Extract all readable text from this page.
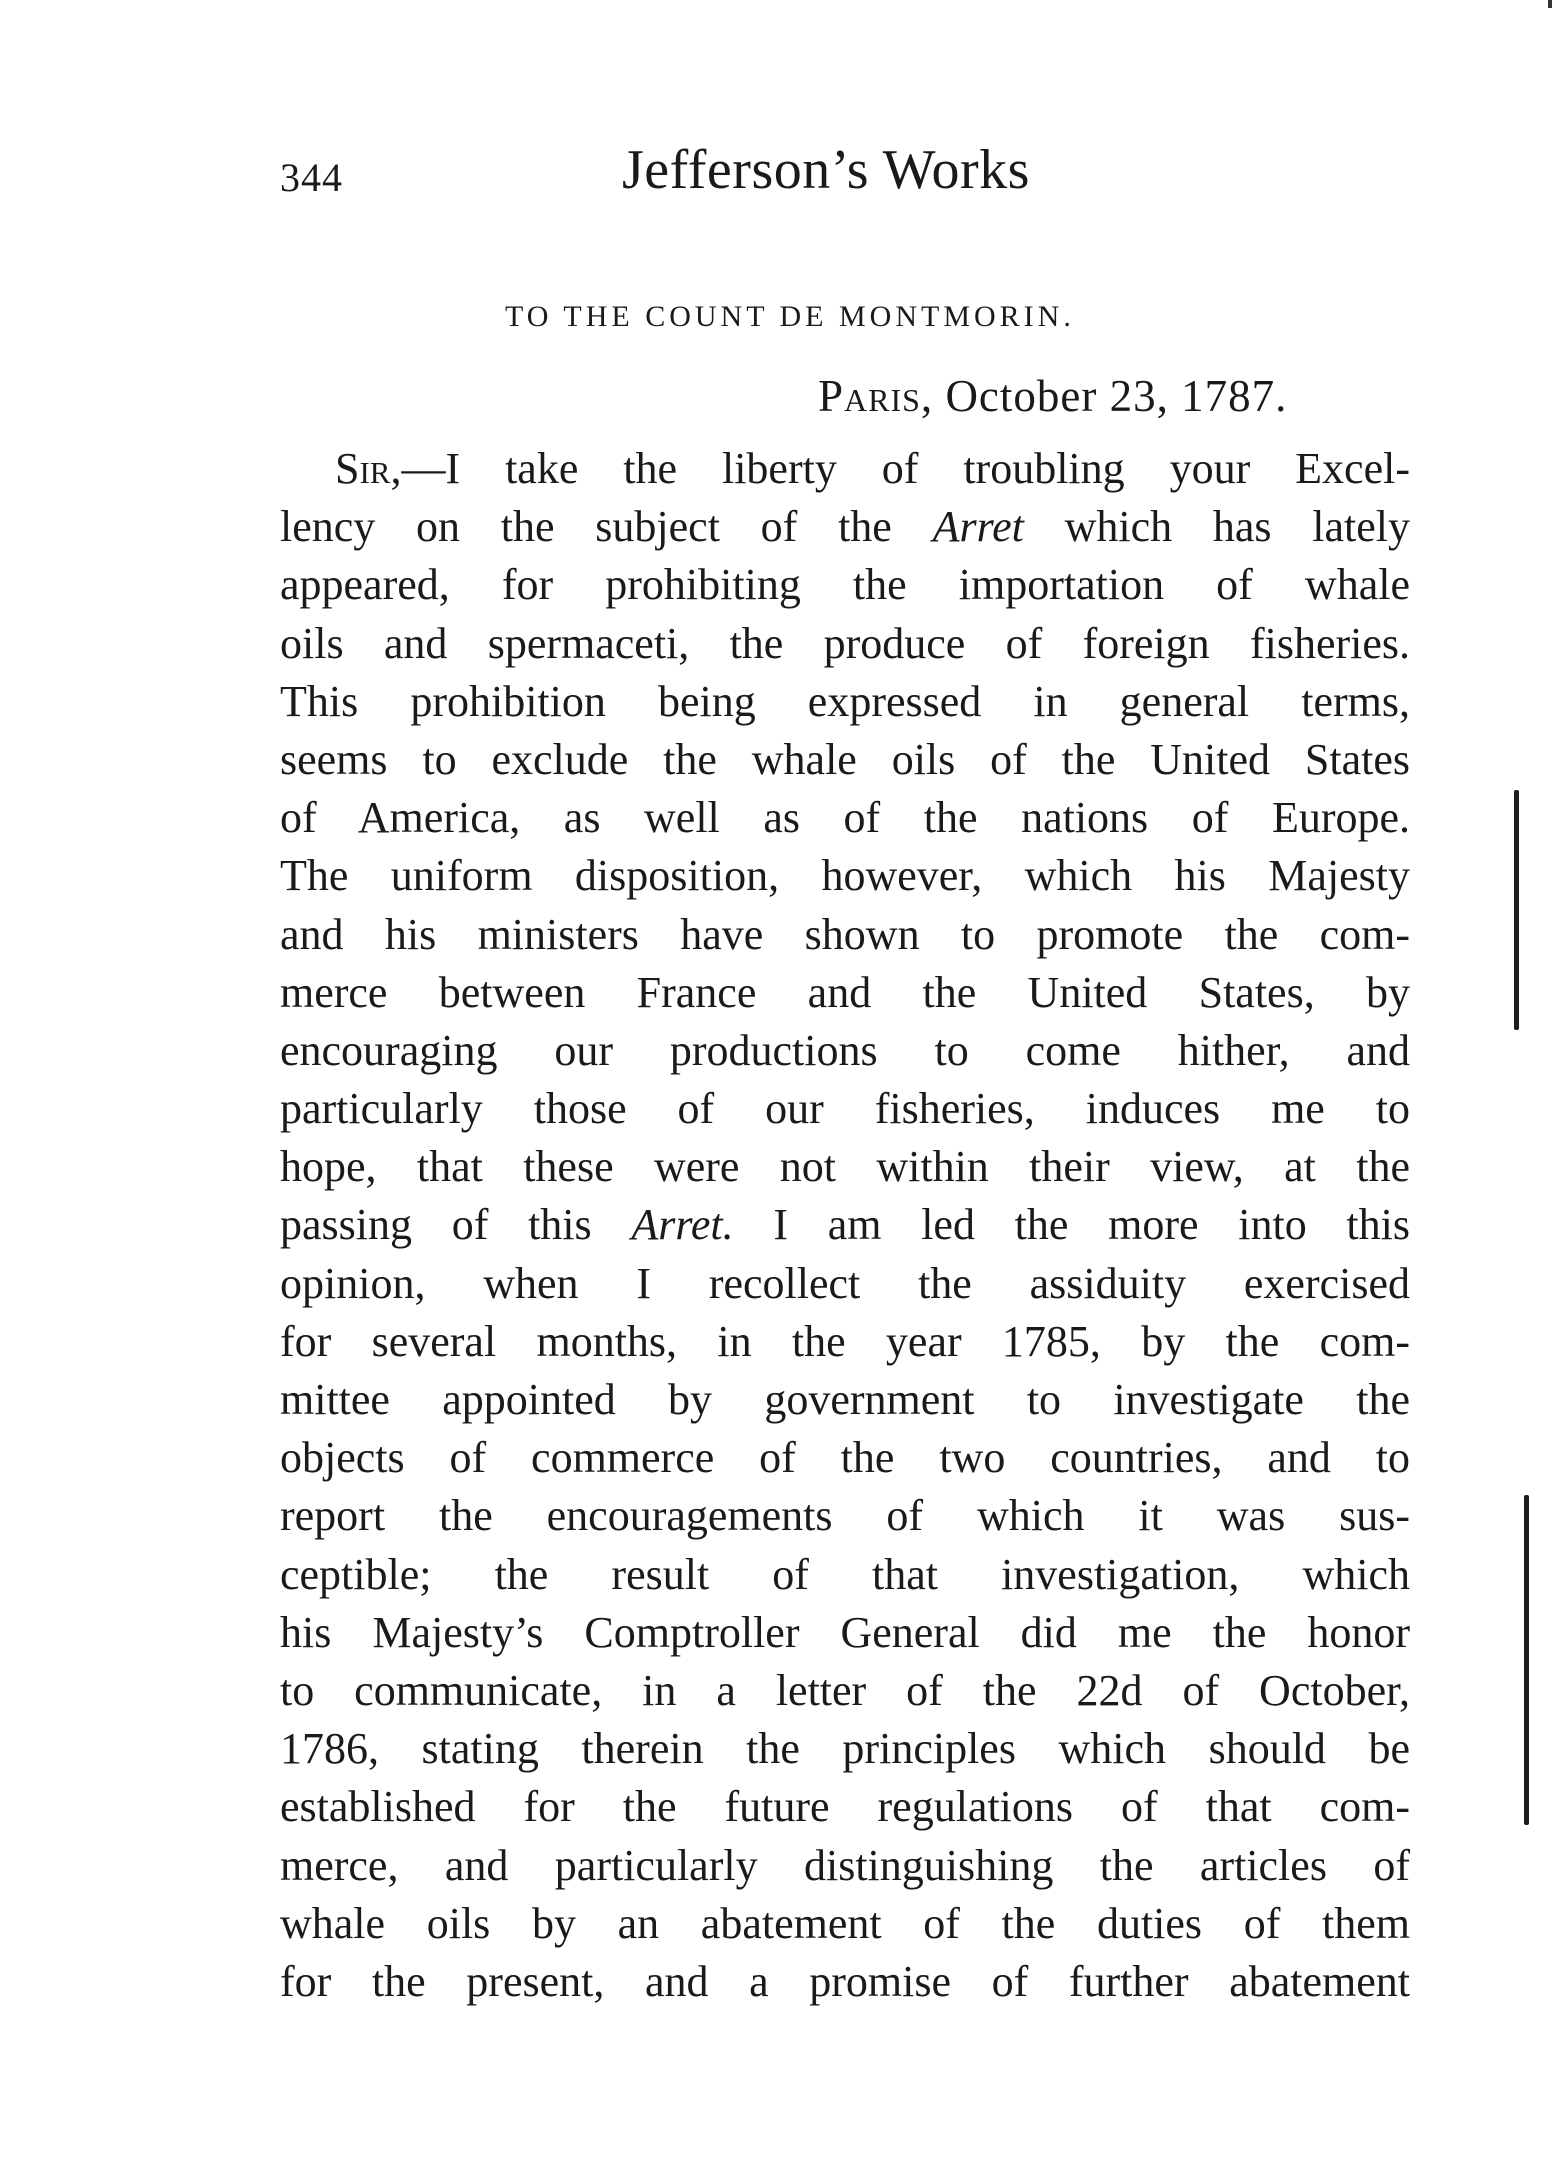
344	Jefferson’s Works
TO THE COUNT DE MONTMORIN.
Paris, October 23, 1787.
Sir,—I take the liberty of troubling your Excel-
lency on the subject of the Arret which has lately
appeared, for prohibiting the importation of whale
oils and spermaceti, the produce of foreign fisheries.
This prohibition being expressed in general terms,
seems to exclude the whale oils of the United States
of America, as well as of the nations of Europe.
The uniform disposition, however, which his Majesty
and his ministers have shown to promote the com-
merce between France and the United States, by
encouraging our productions to come hither, and
particularly those of our fisheries, induces me to
hope, that these were not within their view, at the
passing of this Arret. I am led the more into this
opinion, when I recollect the assiduity exercised
for several months, in the year 1785, by the com-
mittee appointed by government to investigate the
objects of commerce of the two countries, and to
report the encouragements of which it was sus-
ceptible; the result of that investigation, which
his Majesty’s Comptroller General did me the honor
to communicate, in a letter of the 22d of October,
1786, stating therein the principles which should be
established for the future regulations of that com-
merce, and particularly distinguishing the articles of
whale oils by an abatement of the duties of them
for the present, and a promise of further abatement
